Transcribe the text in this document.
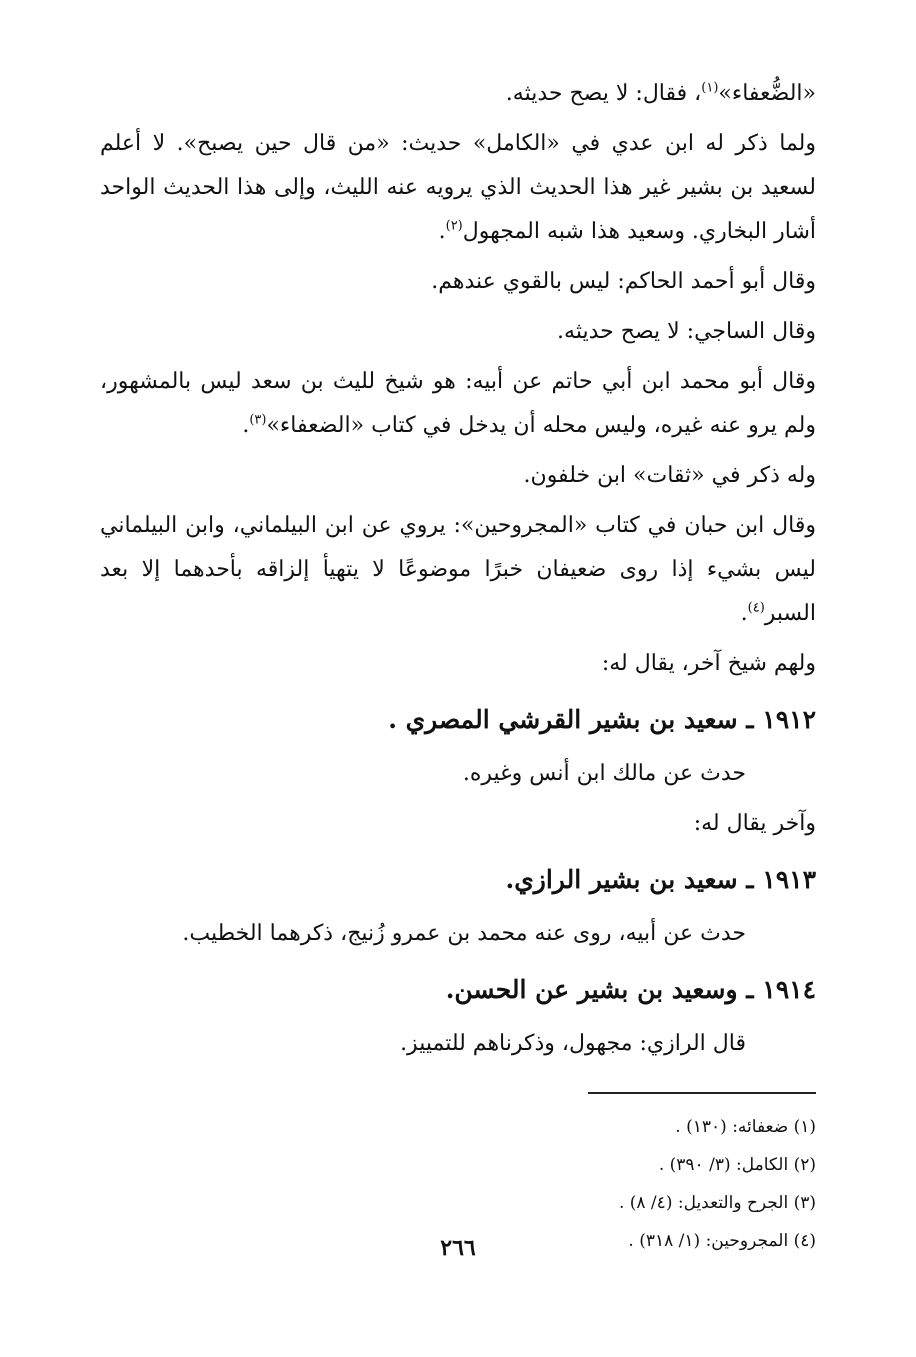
«الضُّعفاء»$^{(١)}$، فقال: لا يصح حديثه.

ولما ذكر له ابن عدي في «الكامل» حديث: «من قال حين يصبح». لا أعلم لسعيد بن بشير غير هذا الحديث الذي يرويه عنه الليث، وإلى هذا الحديث الواحد أشار البخاري. وسعيد هذا شبه المجهول$^{(٢)}$.

وقال أبو أحمد الحاكم: ليس بالقوي عندهم.

وقال الساجي: لا يصح حديثه.

وقال أبو محمد ابن أبي حاتم عن أبيه: هو شيخ لليث بن سعد ليس بالمشهور، ولم يرو عنه غيره، وليس محله أن يدخل في كتاب «الضعفاء»$^{(٣)}$.

وله ذكر في «ثقات» ابن خلفون.

وقال ابن حبان في كتاب «المجروحين»: يروي عن ابن البيلماني، وابن البيلماني ليس بشيء إذا روى ضعيفان خبرًا موضوعًا لا يتهيأ إلزاقه بأحدهما إلا بعد السبر$^{(٤)}$.

ولهم شيخ آخر، يقال له:

١٩١٢ ـ سعيد بن بشير القرشي المصري .

حدث عن مالك ابن أنس وغيره.

وآخر يقال له:

١٩١٣ ـ سعيد بن بشير الرازي.

حدث عن أبيه، روى عنه محمد بن عمرو زُنيج، ذكرهما الخطيب.

١٩١٤ ـ وسعيد بن بشير عن الحسن.

قال الرازي: مجهول، وذكرناهم للتمييز.

(١) ضعفائه: (١٣٠) .
(٢) الكامل: (٣/ ٣٩٠) .
(٣) الجرح والتعديل: (٤/ ٨) .
(٤) المجروحين: (١/ ٣١٨) .
٢٦٦
